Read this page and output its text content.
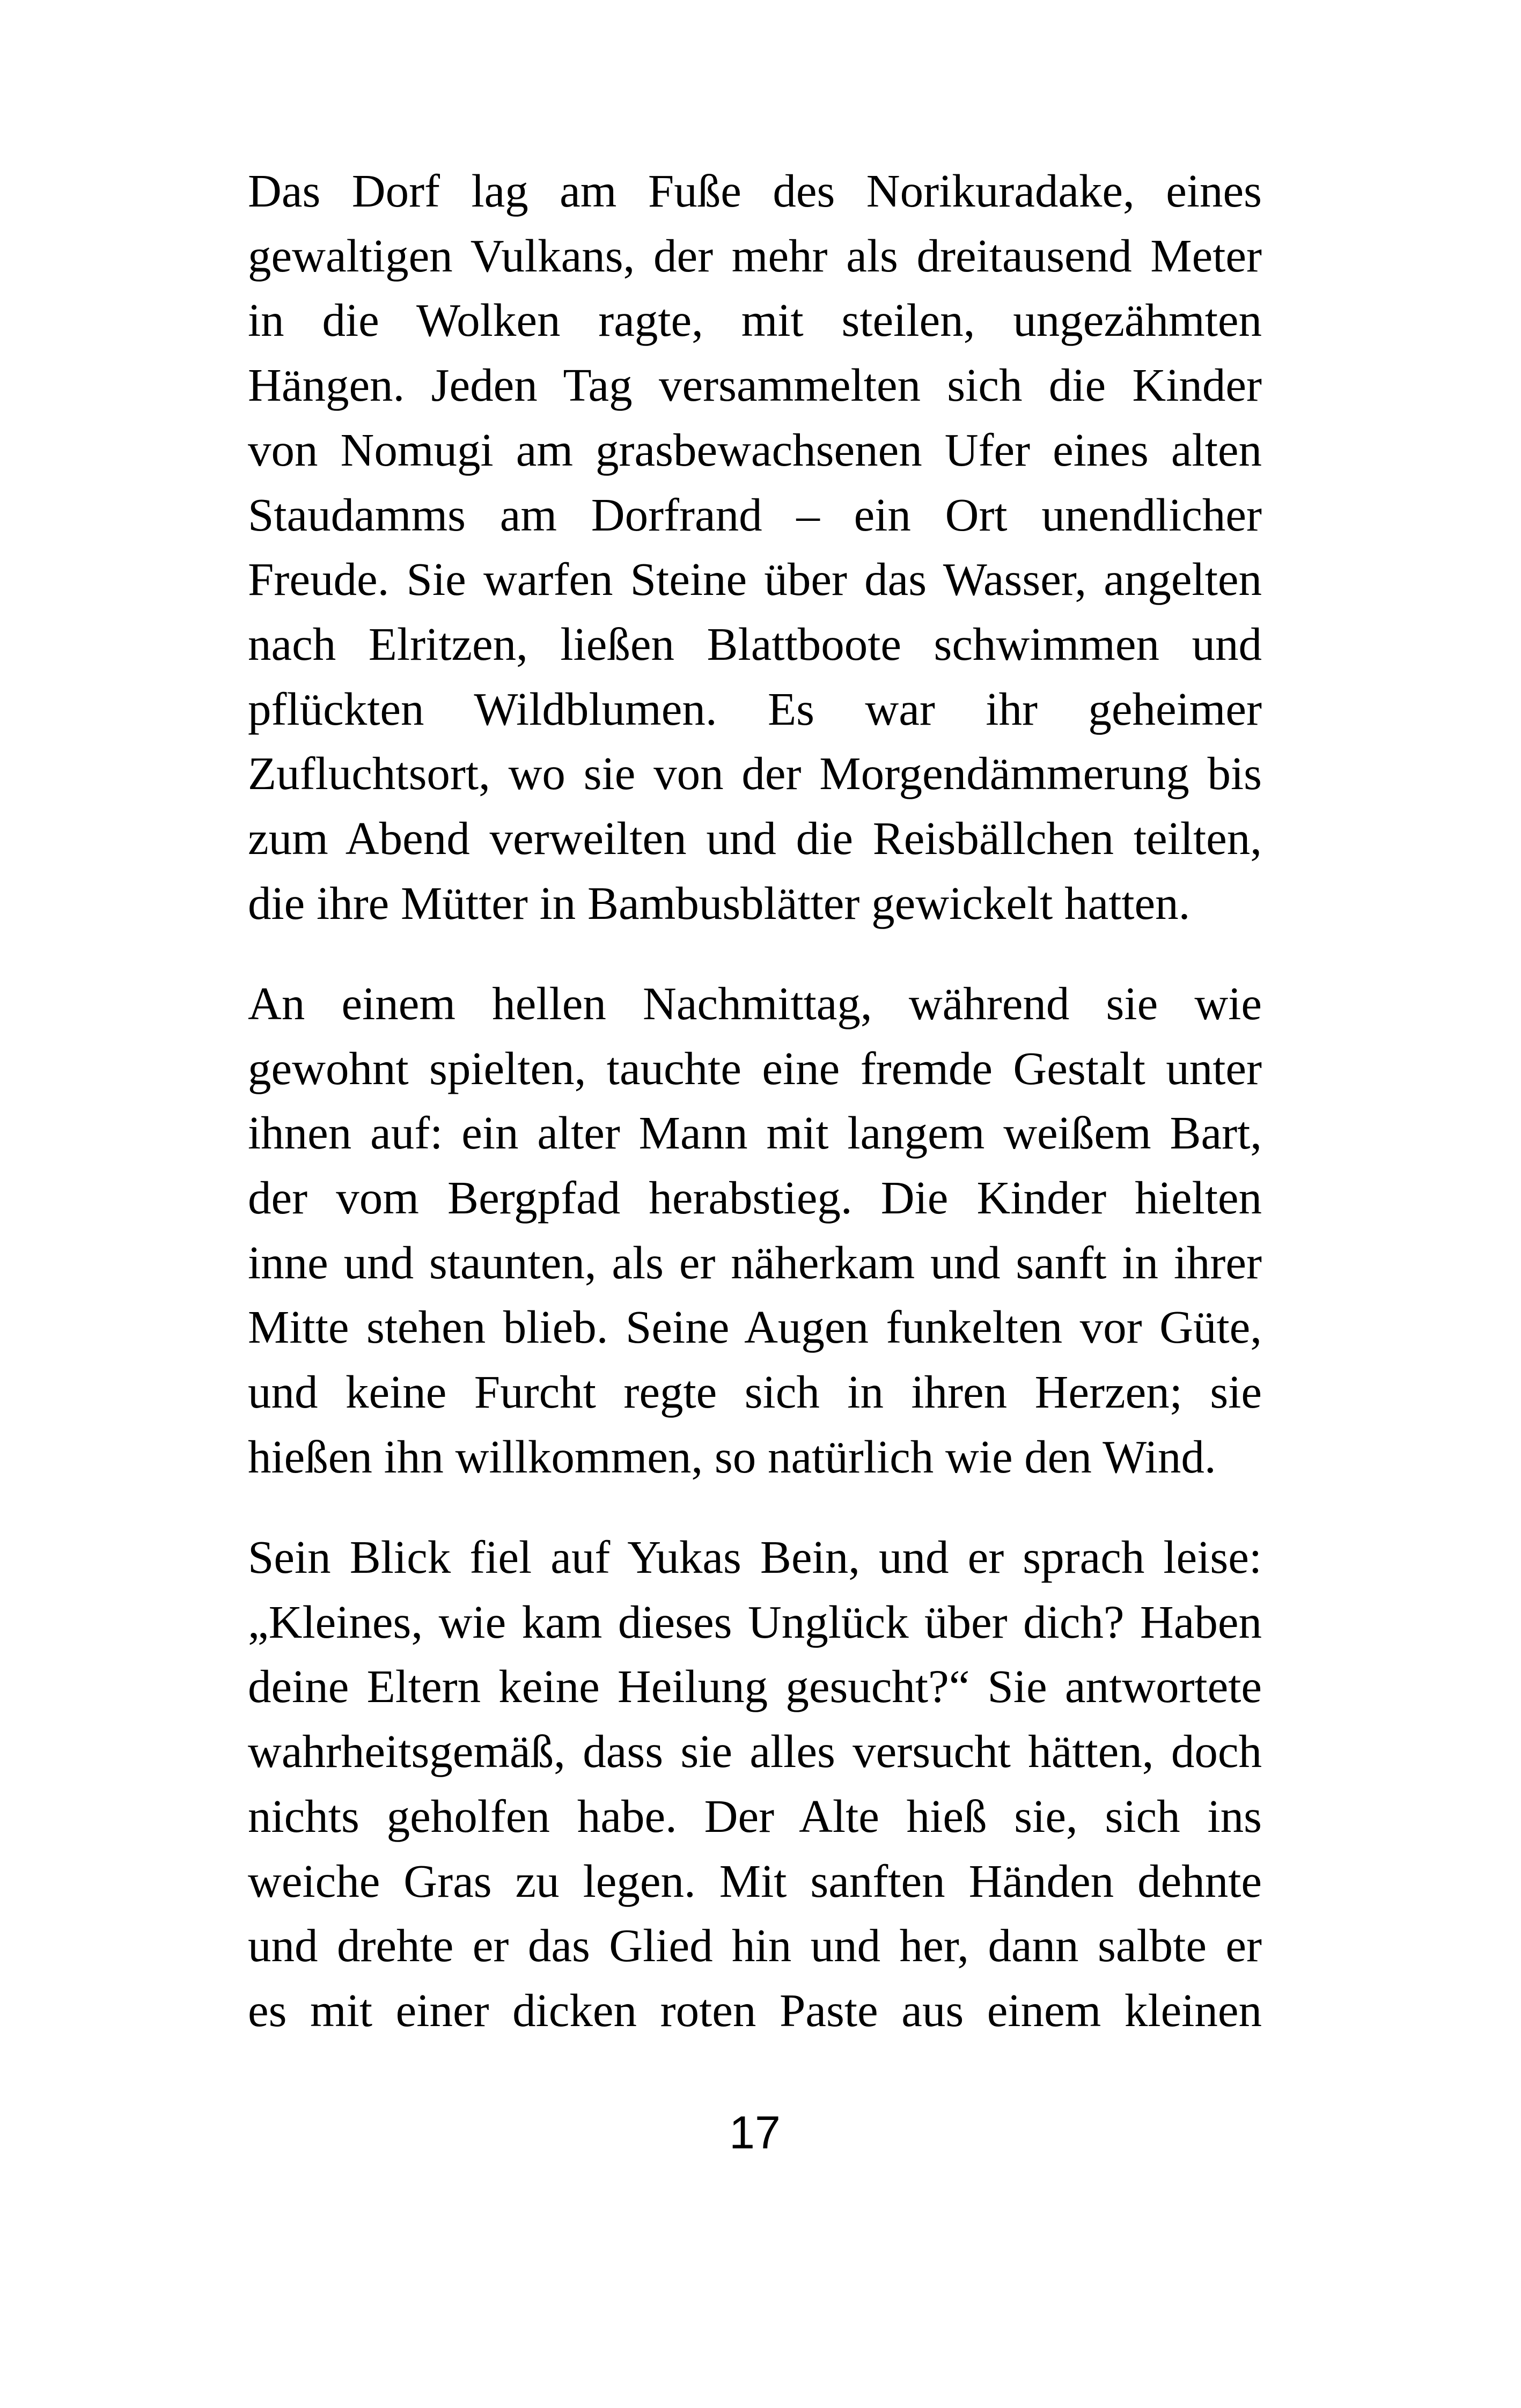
Das Dorf lag am Fuße des Norikuradake, eines
gewaltigen Vulkans, der mehr als dreitausend Meter
in die Wolken ragte, mit steilen, ungezähmten
Hängen. Jeden Tag versammelten sich die Kinder
von Nomugi am grasbewachsenen Ufer eines alten
Staudamms am Dorfrand – ein Ort unendlicher
Freude. Sie warfen Steine über das Wasser, angelten
nach Elritzen, ließen Blattboote schwimmen und
pflückten Wildblumen. Es war ihr geheimer
Zufluchtsort, wo sie von der Morgendämmerung bis
zum Abend verweilten und die Reisbällchen teilten,
die ihre Mütter in Bambusblätter gewickelt hatten.
An einem hellen Nachmittag, während sie wie
gewohnt spielten, tauchte eine fremde Gestalt unter
ihnen auf: ein alter Mann mit langem weißem Bart,
der vom Bergpfad herabstieg. Die Kinder hielten
inne und staunten, als er näherkam und sanft in ihrer
Mitte stehen blieb. Seine Augen funkelten vor Güte,
und keine Furcht regte sich in ihren Herzen; sie
hießen ihn willkommen, so natürlich wie den Wind.
Sein Blick fiel auf Yukas Bein, und er sprach leise:
„Kleines, wie kam dieses Unglück über dich? Haben
deine Eltern keine Heilung gesucht?“ Sie antwortete
wahrheitsgemäß, dass sie alles versucht hätten, doch
nichts geholfen habe. Der Alte hieß sie, sich ins
weiche Gras zu legen. Mit sanften Händen dehnte
und drehte er das Glied hin und her, dann salbte er
es mit einer dicken roten Paste aus einem kleinen
17
